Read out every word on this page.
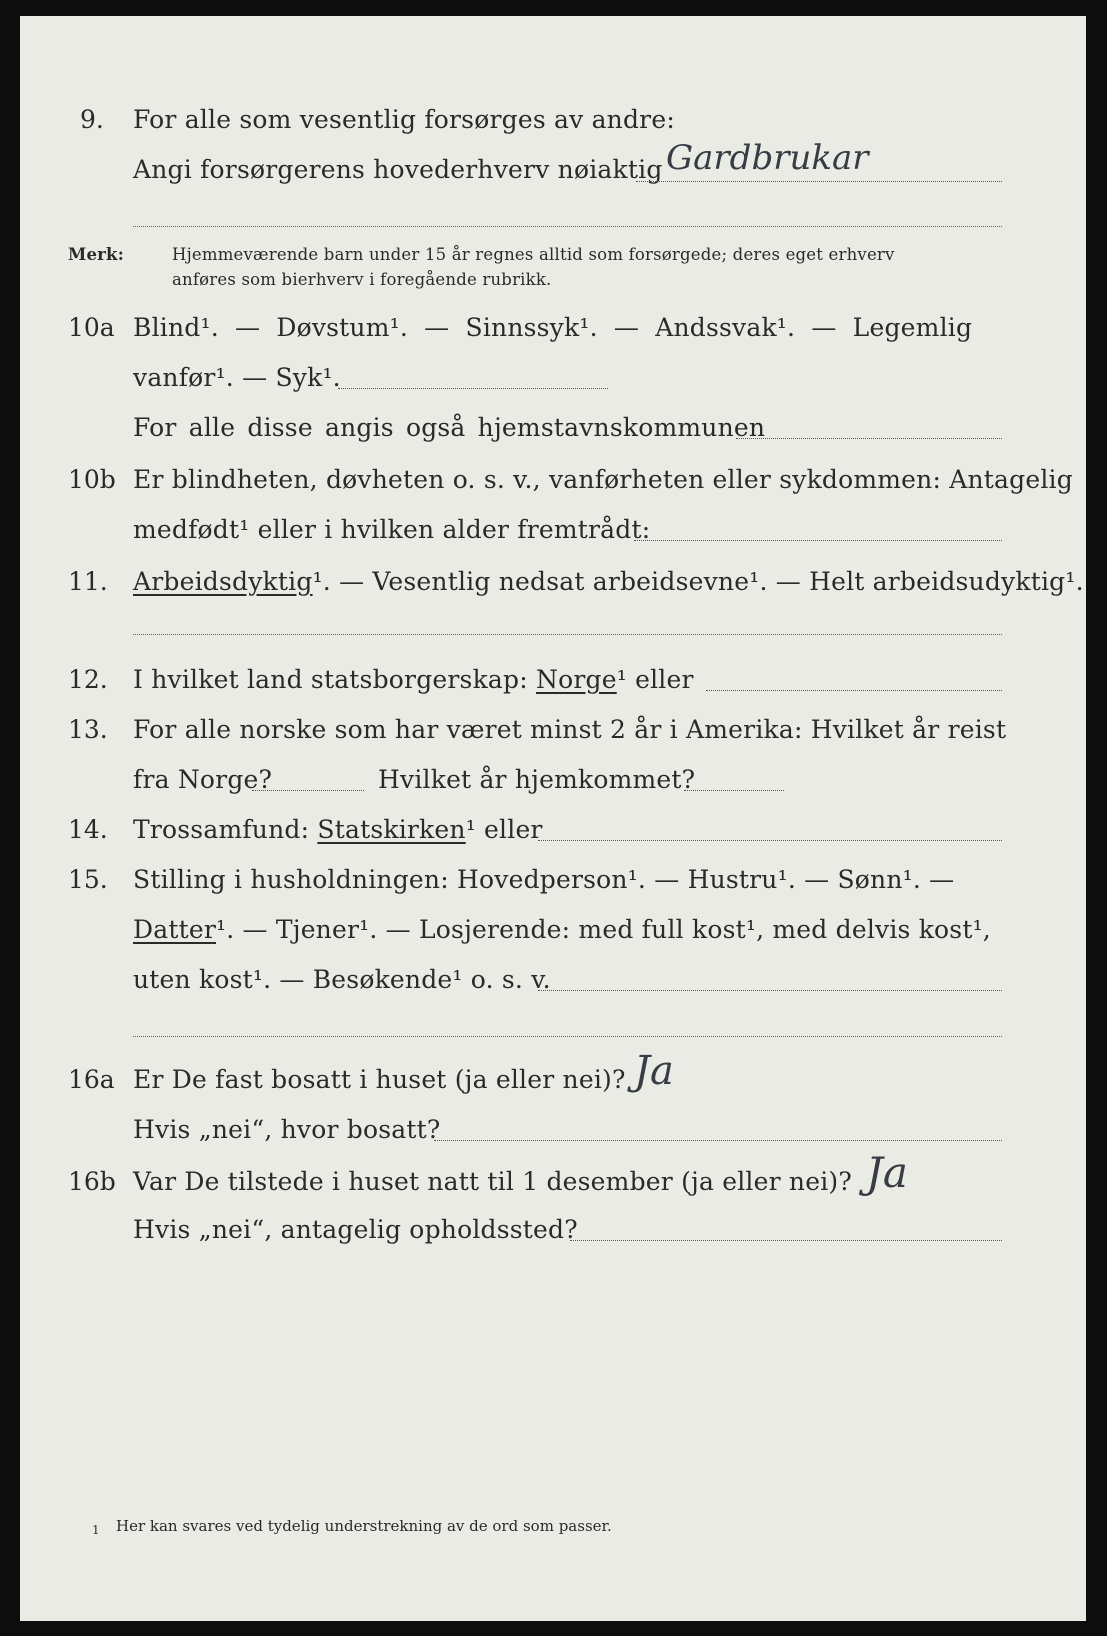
9. For alle som vesentlig forsørges av andre:
Angi forsørgerens hovederhverv nøiaktig Gardbrukar
Merk:	Hjemmeværende barn under 15 år regnes alltid som forsørgede; deres eget erhverv
anføres som bierhverv i foregående rubrikk.
10a Blind¹. — Døvstum¹. — Sinnssyk¹. — Andssvak¹. — Legemlig
vanfør¹. — Syk¹.
For alle disse angis også hjemstavnskommunen
10b Er blindheten, døvheten o. s. v., vanførheten eller sykdommen: Antagelig
medfødt¹ eller i hvilken alder fremtrådt:
11. Arbeidsdyktig¹. — Vesentlig nedsat arbeidsevne¹. — Helt arbeidsudyktig¹.
12. I hvilket land statsborgerskap: Norge¹ eller
13. For alle norske som har været minst 2 år i Amerika: Hvilket år reist
fra Norge?	Hvilket år hjemkommet?
14. Trossamfund: Statskirken¹ eller
15. Stilling i husholdningen: Hovedperson¹. — Hustru¹. — Sønn¹. —
Datter¹. — Tjener¹. — Losjerende: med full kost¹, med delvis kost¹,
uten kost¹. — Besøkende¹ o. s. v.
16a Er De fast bosatt i huset (ja eller nei)? Ja
Hvis „nei“, hvor bosatt?
16b Var De tilstede i huset natt til 1 desember (ja eller nei)? Ja
Hvis „nei“, antagelig opholdssted?
1 Her kan svares ved tydelig understrekning av de ord som passer.
